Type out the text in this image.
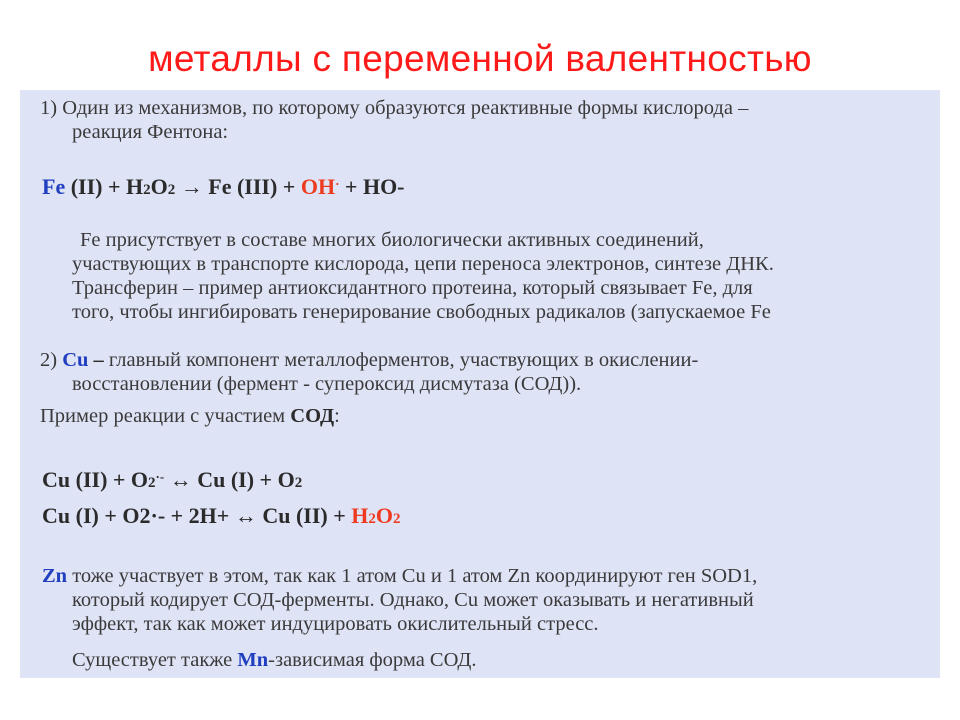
металлы с переменной валентностью
1) Один из механизмов, по которому образуются реактивные формы кислорода –
реакция Фентона:
Fe (II) + H2O2 → Fe (III) + OH· + HO-
Fe присутствует в составе многих биологически активных соединений,
участвующих в транспорте кислорода, цепи переноса электронов, синтезе ДНК.
Трансферин – пример антиоксидантного протеина, который связывает Fe, для
того, чтобы ингибировать генерирование свободных радикалов (запускаемое Fe
2) Cu – главный компонент металлоферментов, участвующих в окислении-
восстановлении (фермент - супероксид дисмутаза (СОД)).
Пример реакции с участием СОД:
Cu (II) + O2·- ↔ Cu (I) + O2
Cu (I) + O2·- + 2H+ ↔ Cu (II) + H2O2
Zn тоже участвует в этом, так как 1 атом Cu и 1 атом Zn координируют ген SOD1,
который кодирует СОД-ферменты. Однако, Cu может оказывать и негативный
эффект, так как может индуцировать окислительный стресс.
Существует также Mn-зависимая форма СОД.
